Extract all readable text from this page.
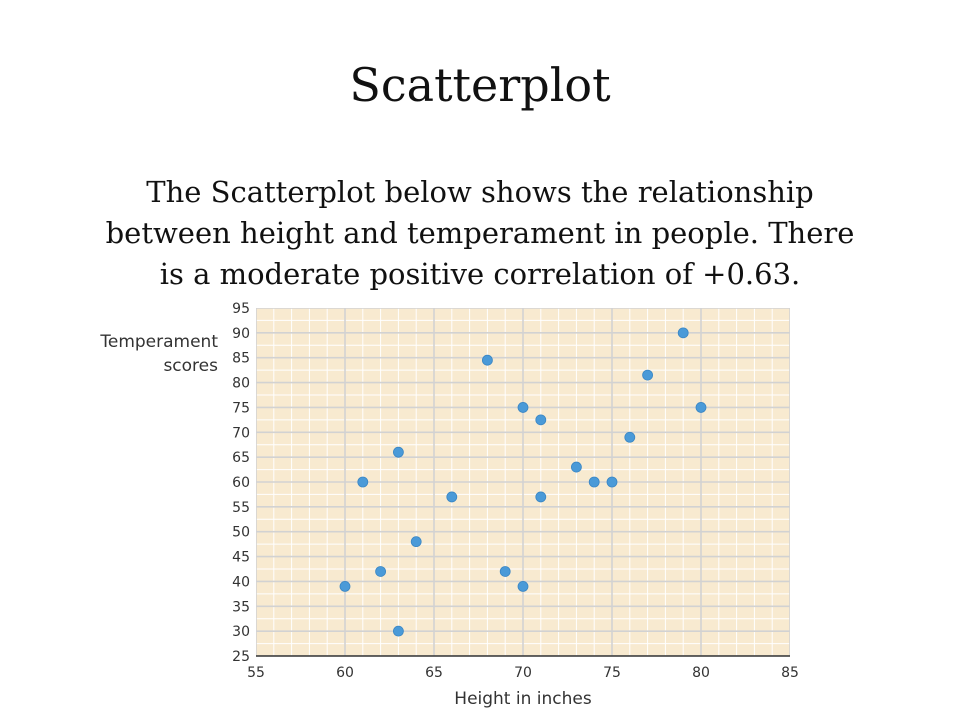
Scatterplot
The Scatterplot below shows the relationship
between height and temperament in people. There
is a moderate positive correlation of +0.63.
25
30
35
40
45
50
55
60
65
70
75
80
85
90
95
55	60	65	70	75	80	85
Height in inches
Temperament scores
